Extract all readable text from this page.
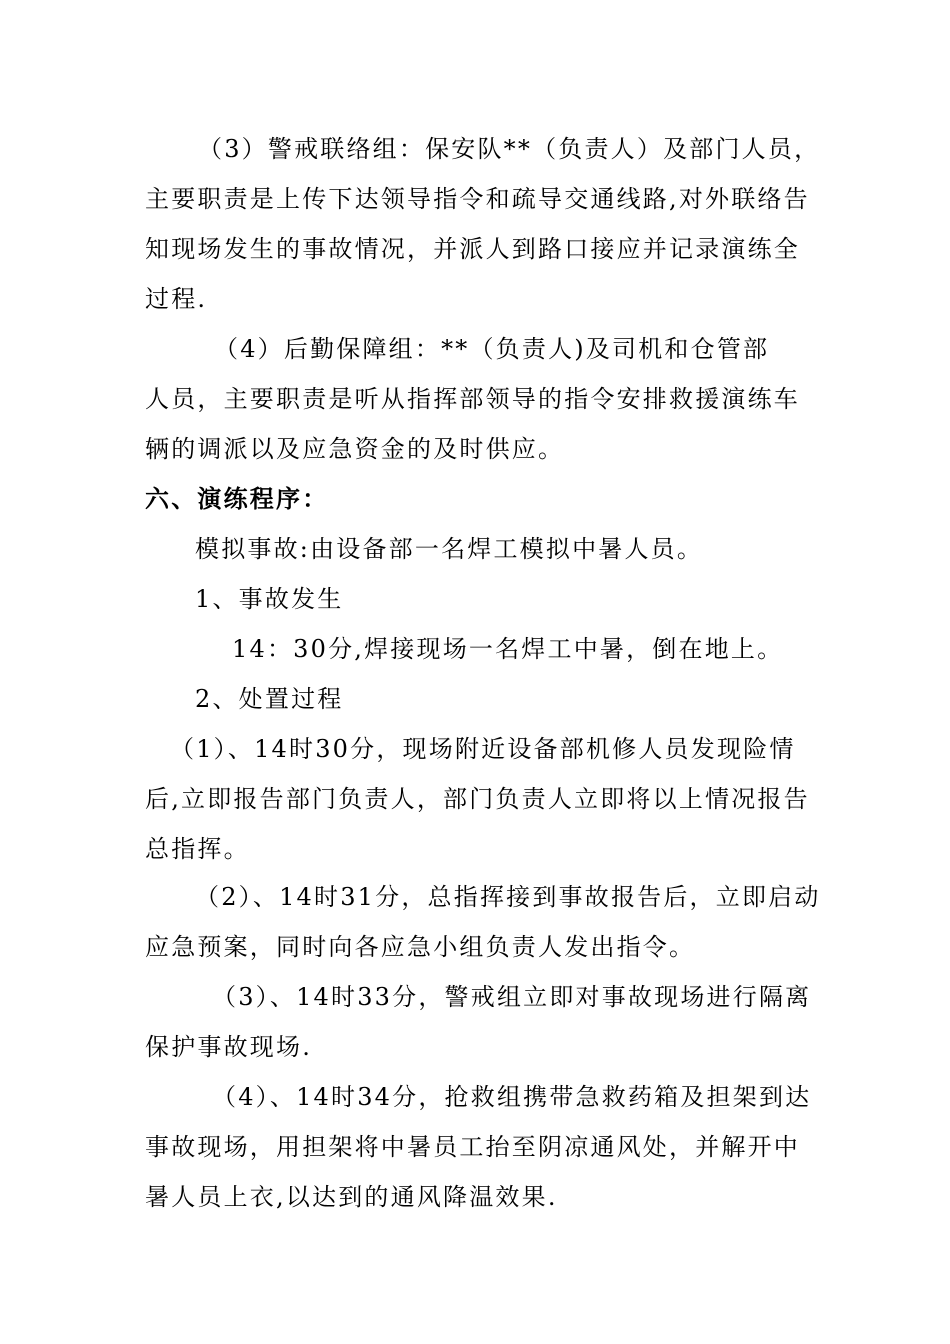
（3）警戒联络组：保安队**（负责人）及部门人员，
主要职责是上传下达领导指令和疏导交通线路,对外联络告
知现场发生的事故情况，并派人到路口接应并记录演练全
过程.
（4）后勤保障组：**（负责人)及司机和仓管部
人员，主要职责是听从指挥部领导的指令安排救援演练车
辆的调派以及应急资金的及时供应。
六、演练程序：
模拟事故:由设备部一名焊工模拟中暑人员。
1、事故发生
14：30分,焊接现场一名焊工中暑，倒在地上。
2、处置过程
（1）、14时30分，现场附近设备部机修人员发现险情
后,立即报告部门负责人，部门负责人立即将以上情况报告
总指挥。
（2）、14时31分，总指挥接到事故报告后，立即启动
应急预案，同时向各应急小组负责人发出指令。
（3）、14时33分，警戒组立即对事故现场进行隔离
保护事故现场.
（4）、14时34分，抢救组携带急救药箱及担架到达
事故现场，用担架将中暑员工抬至阴凉通风处，并解开中
暑人员上衣,以达到的通风降温效果.
